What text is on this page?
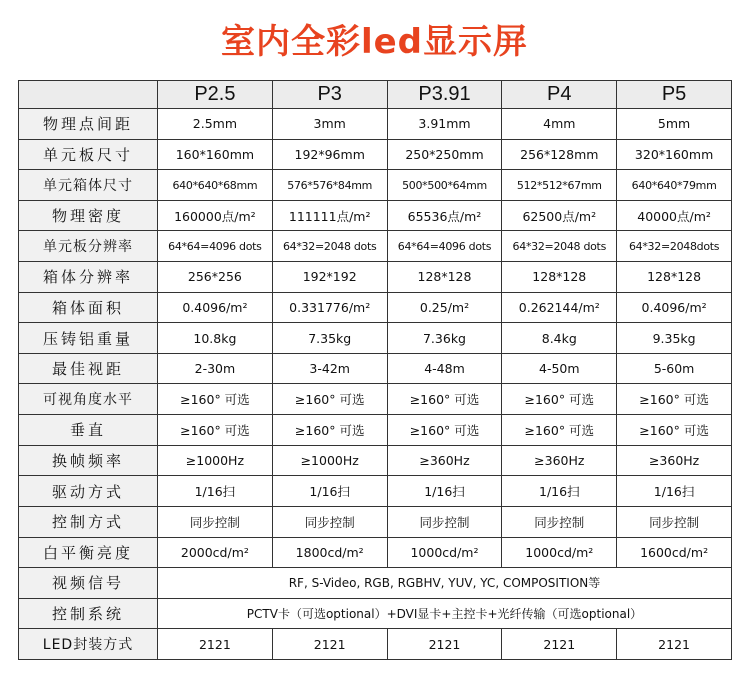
室内全彩led显示屏
	P2.5	P3	P3.91	P4	P5
物理点间距	2.5mm	3mm	3.91mm	4mm	5mm
单元板尺寸	160*160mm	192*96mm	250*250mm	256*128mm	320*160mm
单元箱体尺寸	640*640*68mm	576*576*84mm	500*500*64mm	512*512*67mm	640*640*79mm
物理密度	160000点/m²	111111点/m²	65536点/m²	62500点/m²	40000点/m²
单元板分辨率	64*64=4096 dots	64*32=2048 dots	64*64=4096 dots	64*32=2048 dots	64*32=2048dots
箱体分辨率	256*256	192*192	128*128	128*128	128*128
箱体面积	0.4096/m²	0.331776/m²	0.25/m²	0.262144/m²	0.4096/m²
压铸铝重量	10.8kg	7.35kg	7.36kg	8.4kg	9.35kg
最佳视距	2-30m	3-42m	4-48m	4-50m	5-60m
可视角度水平	≥160° 可选	≥160° 可选	≥160° 可选	≥160° 可选	≥160° 可选
垂直	≥160° 可选	≥160° 可选	≥160° 可选	≥160° 可选	≥160° 可选
换帧频率	≥1000Hz	≥1000Hz	≥360Hz	≥360Hz	≥360Hz
驱动方式	1/16扫	1/16扫	1/16扫	1/16扫	1/16扫
控制方式	同步控制	同步控制	同步控制	同步控制	同步控制
白平衡亮度	2000cd/m²	1800cd/m²	1000cd/m²	1000cd/m²	1600cd/m²
视频信号	RF, S-Video, RGB, RGBHV, YUV, YC, COMPOSITION等				
控制系统	PCTV卡（可选optional）+DVI显卡+主控卡+光纤传输（可选optional）				
LED封装方式	2121	2121	2121	2121	2121
